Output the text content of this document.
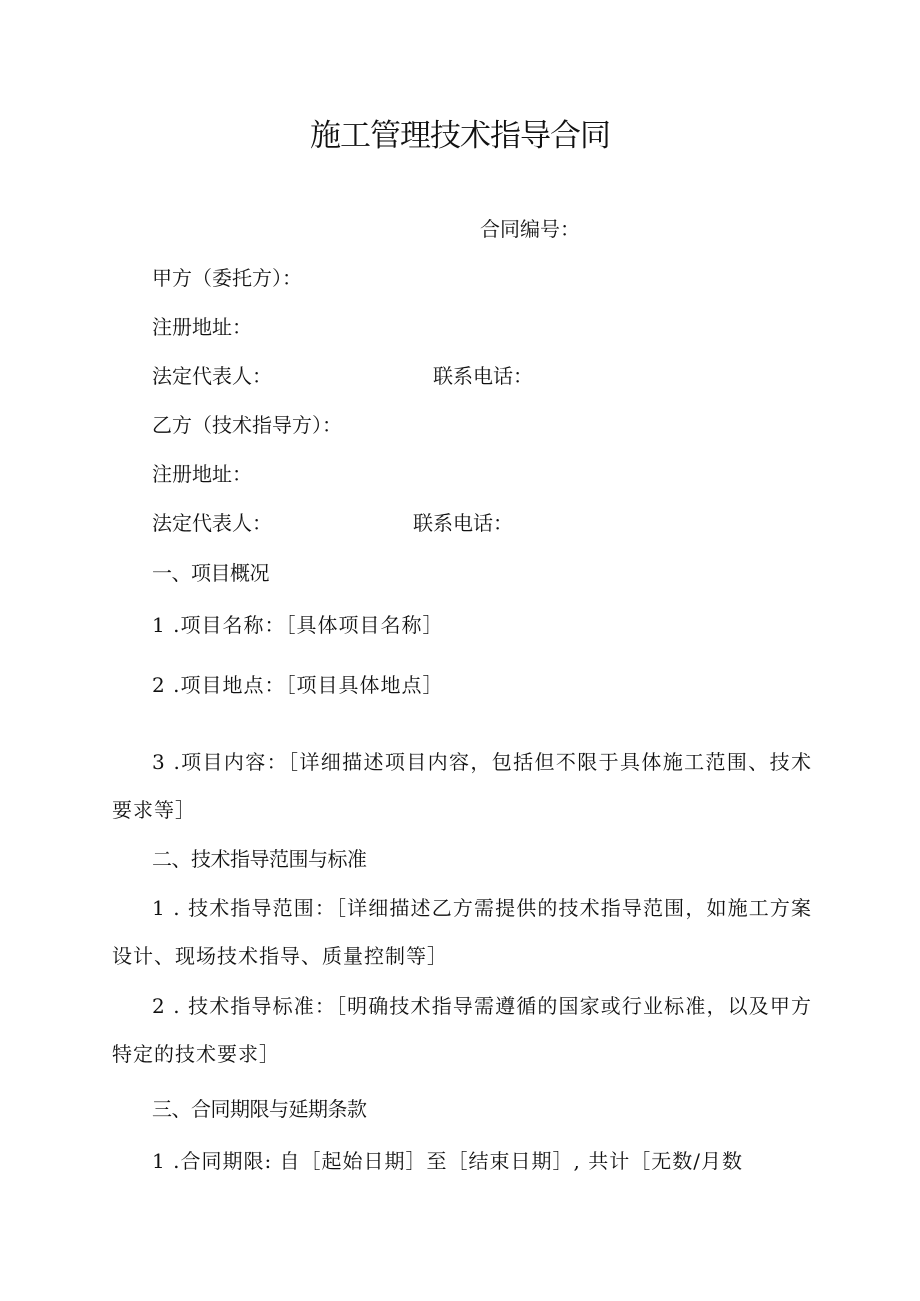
施工管理技术指导合同

合同编号：

甲方（委托方）：

注册地址：

法定代表人：	联系电话：

乙方（技术指导方）：

注册地址：

法定代表人：	联系电话：

一、项目概况

1 .项目名称：［具体项目名称］

2 .项目地点：［项目具体地点］

3 .项目内容：［详细描述项目内容，包括但不限于具体施工范围、技术要求等］

二、技术指导范围与标准

1 . 技术指导范围：［详细描述乙方需提供的技术指导范围，如施工方案设计、现场技术指导、质量控制等］

2 . 技术指导标准：［明确技术指导需遵循的国家或行业标准，以及甲方特定的技术要求］

三、合同期限与延期条款

1 .合同期限: 自［起始日期］至［结束日期］, 共计［无数/月数
